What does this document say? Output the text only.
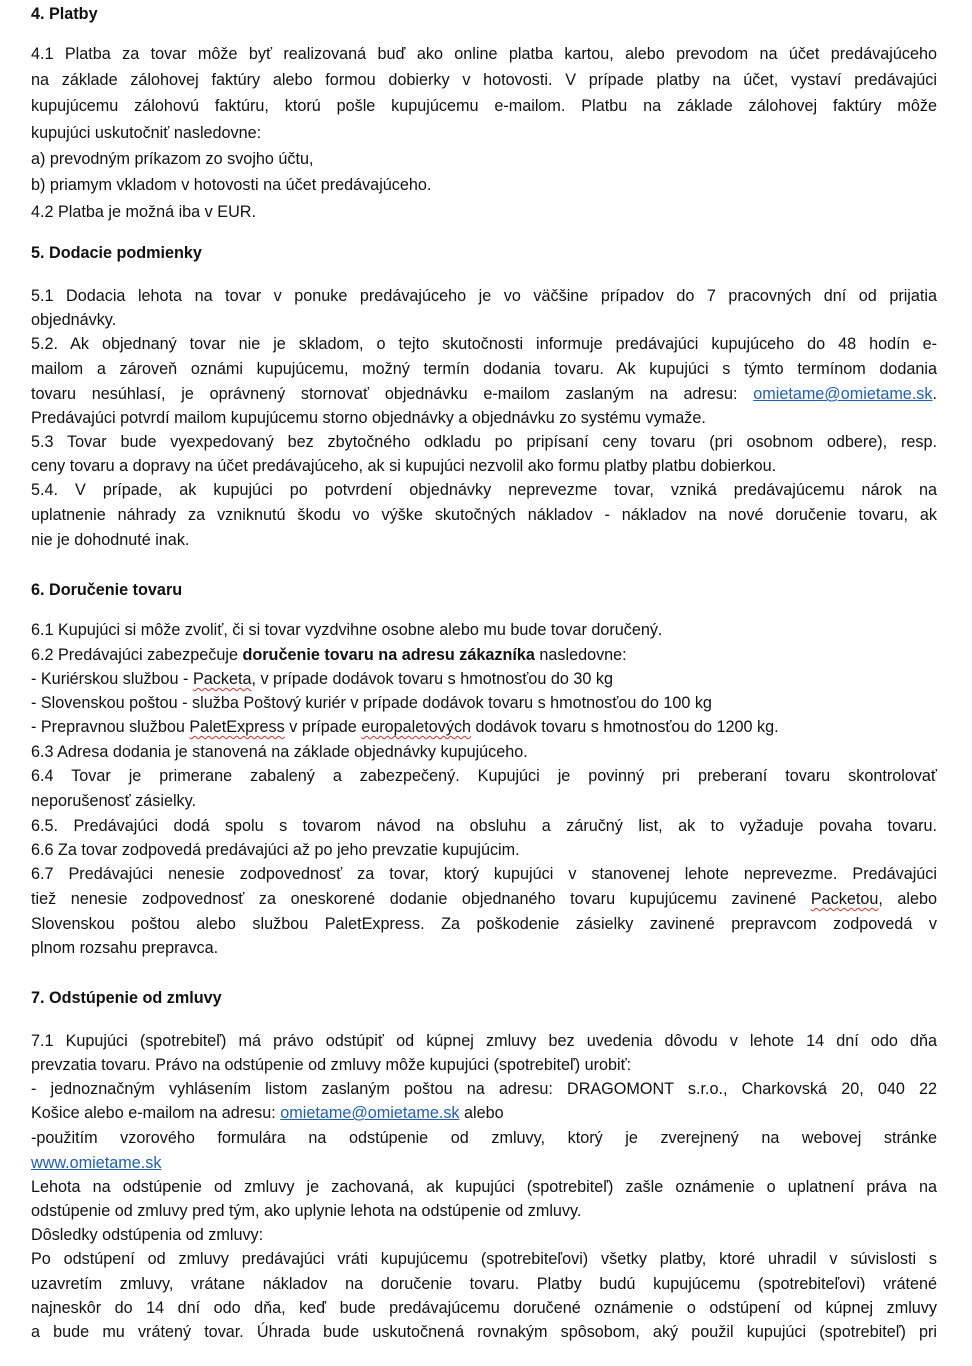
4. Platby
4.1 Platba za tovar môže byť realizovaná buď ako online platba kartou, alebo prevodom na účet predávajúceho
na základe zálohovej faktúry alebo formou dobierky v hotovosti. V prípade platby na účet, vystaví predávajúci
kupujúcemu zálohovú faktúru, ktorú pošle kupujúcemu e-mailom. Platbu na základe zálohovej faktúry môže
kupujúci uskutočniť nasledovne:
a) prevodným príkazom zo svojho účtu,
b) priamym vkladom v hotovosti na účet predávajúceho.
4.2 Platba je možná iba v EUR.
5. Dodacie podmienky
5.1 Dodacia lehota na tovar v ponuke predávajúceho je vo väčšine prípadov do 7 pracovných dní od prijatia
objednávky.
5.2. Ak objednaný tovar nie je skladom, o tejto skutočnosti informuje predávajúci kupujúceho do 48 hodín e-
mailom a zároveň oznámi kupujúcemu, možný termín dodania tovaru. Ak kupujúci s týmto termínom dodania
tovaru nesúhlasí, je oprávnený stornovať objednávku e-mailom zaslaným na adresu: omietame@omietame.sk.
Predávajúci potvrdí mailom kupujúcemu storno objednávky a objednávku zo systému vymaže.
5.3 Tovar bude vyexpedovaný bez zbytočného odkladu po pripísaní ceny tovaru (pri osobnom odbere), resp.
ceny tovaru a dopravy na účet predávajúceho, ak si kupujúci nezvolil ako formu platby platbu dobierkou.
5.4. V prípade, ak kupujúci po potvrdení objednávky neprevezme tovar, vzniká predávajúcemu nárok na
uplatnenie náhrady za vzniknutú škodu vo výške skutočných nákladov - nákladov na nové doručenie tovaru, ak
nie je dohodnuté inak.
6. Doručenie tovaru
6.1 Kupujúci si môže zvoliť, či si tovar vyzdvihne osobne alebo mu bude tovar doručený.
6.2 Predávajúci zabezpečuje doručenie tovaru na adresu zákazníka nasledovne:
- Kuriérskou službou - Packeta, v prípade dodávok tovaru s hmotnosťou do 30 kg
- Slovenskou poštou - služba Poštový kuriér v prípade dodávok tovaru s hmotnosťou do 100 kg
- Prepravnou službou PaletExpress v prípade europaletových dodávok tovaru s hmotnosťou do 1200 kg.
6.3 Adresa dodania je stanovená na základe objednávky kupujúceho.
6.4 Tovar je primerane zabalený a zabezpečený. Kupujúci je povinný pri preberaní tovaru skontrolovať
neporušenosť zásielky.
6.5. Predávajúci dodá spolu s tovarom návod na obsluhu a záručný list, ak to vyžaduje povaha tovaru.
6.6 Za tovar zodpovedá predávajúci až po jeho prevzatie kupujúcim.
6.7 Predávajúci nenesie zodpovednosť za tovar, ktorý kupujúci v stanovenej lehote neprevezme. Predávajúci
tiež nenesie zodpovednosť za oneskorené dodanie objednaného tovaru kupujúcemu zavinené Packetou, alebo
Slovenskou poštou alebo službou PaletExpress. Za poškodenie zásielky zavinené prepravcom zodpovedá v
plnom rozsahu prepravca.
7. Odstúpenie od zmluvy
7.1 Kupujúci (spotrebiteľ) má právo odstúpiť od kúpnej zmluvy bez uvedenia dôvodu v lehote 14 dní odo dňa
prevzatia tovaru. Právo na odstúpenie od zmluvy môže kupujúci (spotrebiteľ) urobiť:
- jednoznačným vyhlásením listom zaslaným poštou na adresu: DRAGOMONT s.r.o., Charkovská 20, 040 22
Košice alebo e-mailom na adresu: omietame@omietame.sk alebo
-použitím vzorového formulára na odstúpenie od zmluvy, ktorý je zverejnený na webovej stránke
www.omietame.sk
Lehota na odstúpenie od zmluvy je zachovaná, ak kupujúci (spotrebiteľ) zašle oznámenie o uplatnení práva na
odstúpenie od zmluvy pred tým, ako uplynie lehota na odstúpenie od zmluvy.
Dôsledky odstúpenia od zmluvy:
Po odstúpení od zmluvy predávajúci vráti kupujúcemu (spotrebiteľovi) všetky platby, ktoré uhradil v súvislosti s
uzavretím zmluvy, vrátane nákladov na doručenie tovaru. Platby budú kupujúcemu (spotrebiteľovi) vrátené
najneskôr do 14 dní odo dňa, keď bude predávajúcemu doručené oznámenie o odstúpení od kúpnej zmluvy
a bude mu vrátený tovar. Úhrada bude uskutočnená rovnakým spôsobom, aký použil kupujúci (spotrebiteľ) pri
